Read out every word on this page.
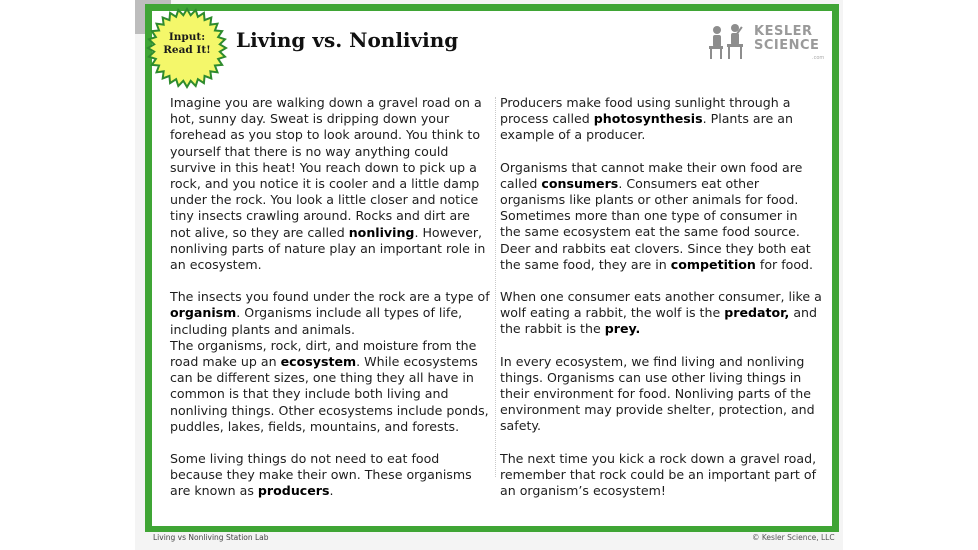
Input:
Read It!	Living vs. Nonliving	KESLER
SCIENCE
.com

Imagine you are walking down a gravel road on a hot, sunny day. Sweat is dripping down your forehead as you stop to look around. You think to yourself that there is no way anything could survive in this heat! You reach down to pick up a rock, and you notice it is cooler and a little damp under the rock. You look a little closer and notice tiny insects crawling around. Rocks and dirt are not alive, so they are called nonliving. However, nonliving parts of nature play an important role in an ecosystem.

The insects you found under the rock are a type of organism. Organisms include all types of life, including plants and animals.

The organisms, rock, dirt, and moisture from the road make up an ecosystem. While ecosystems can be different sizes, one thing they all have in common is that they include both living and nonliving things. Other ecosystems include ponds, puddles, lakes, fields, mountains, and forests.

Some living things do not need to eat food because they make their own. These organisms are known as producers.

Producers make food using sunlight through a process called photosynthesis. Plants are an example of a producer.

Organisms that cannot make their own food are called consumers. Consumers eat other organisms like plants or other animals for food. Sometimes more than one type of consumer in the same ecosystem eat the same food source. Deer and rabbits eat clovers. Since they both eat the same food, they are in competition for food.

When one consumer eats another consumer, like a wolf eating a rabbit, the wolf is the predator, and the rabbit is the prey.

In every ecosystem, we find living and nonliving things. Organisms can use other living things in their environment for food. Nonliving parts of the environment may provide shelter, protection, and safety.

The next time you kick a rock down a gravel road, remember that rock could be an important part of an organism’s ecosystem!

Living vs Nonliving Station Lab	© Kesler Science, LLC
